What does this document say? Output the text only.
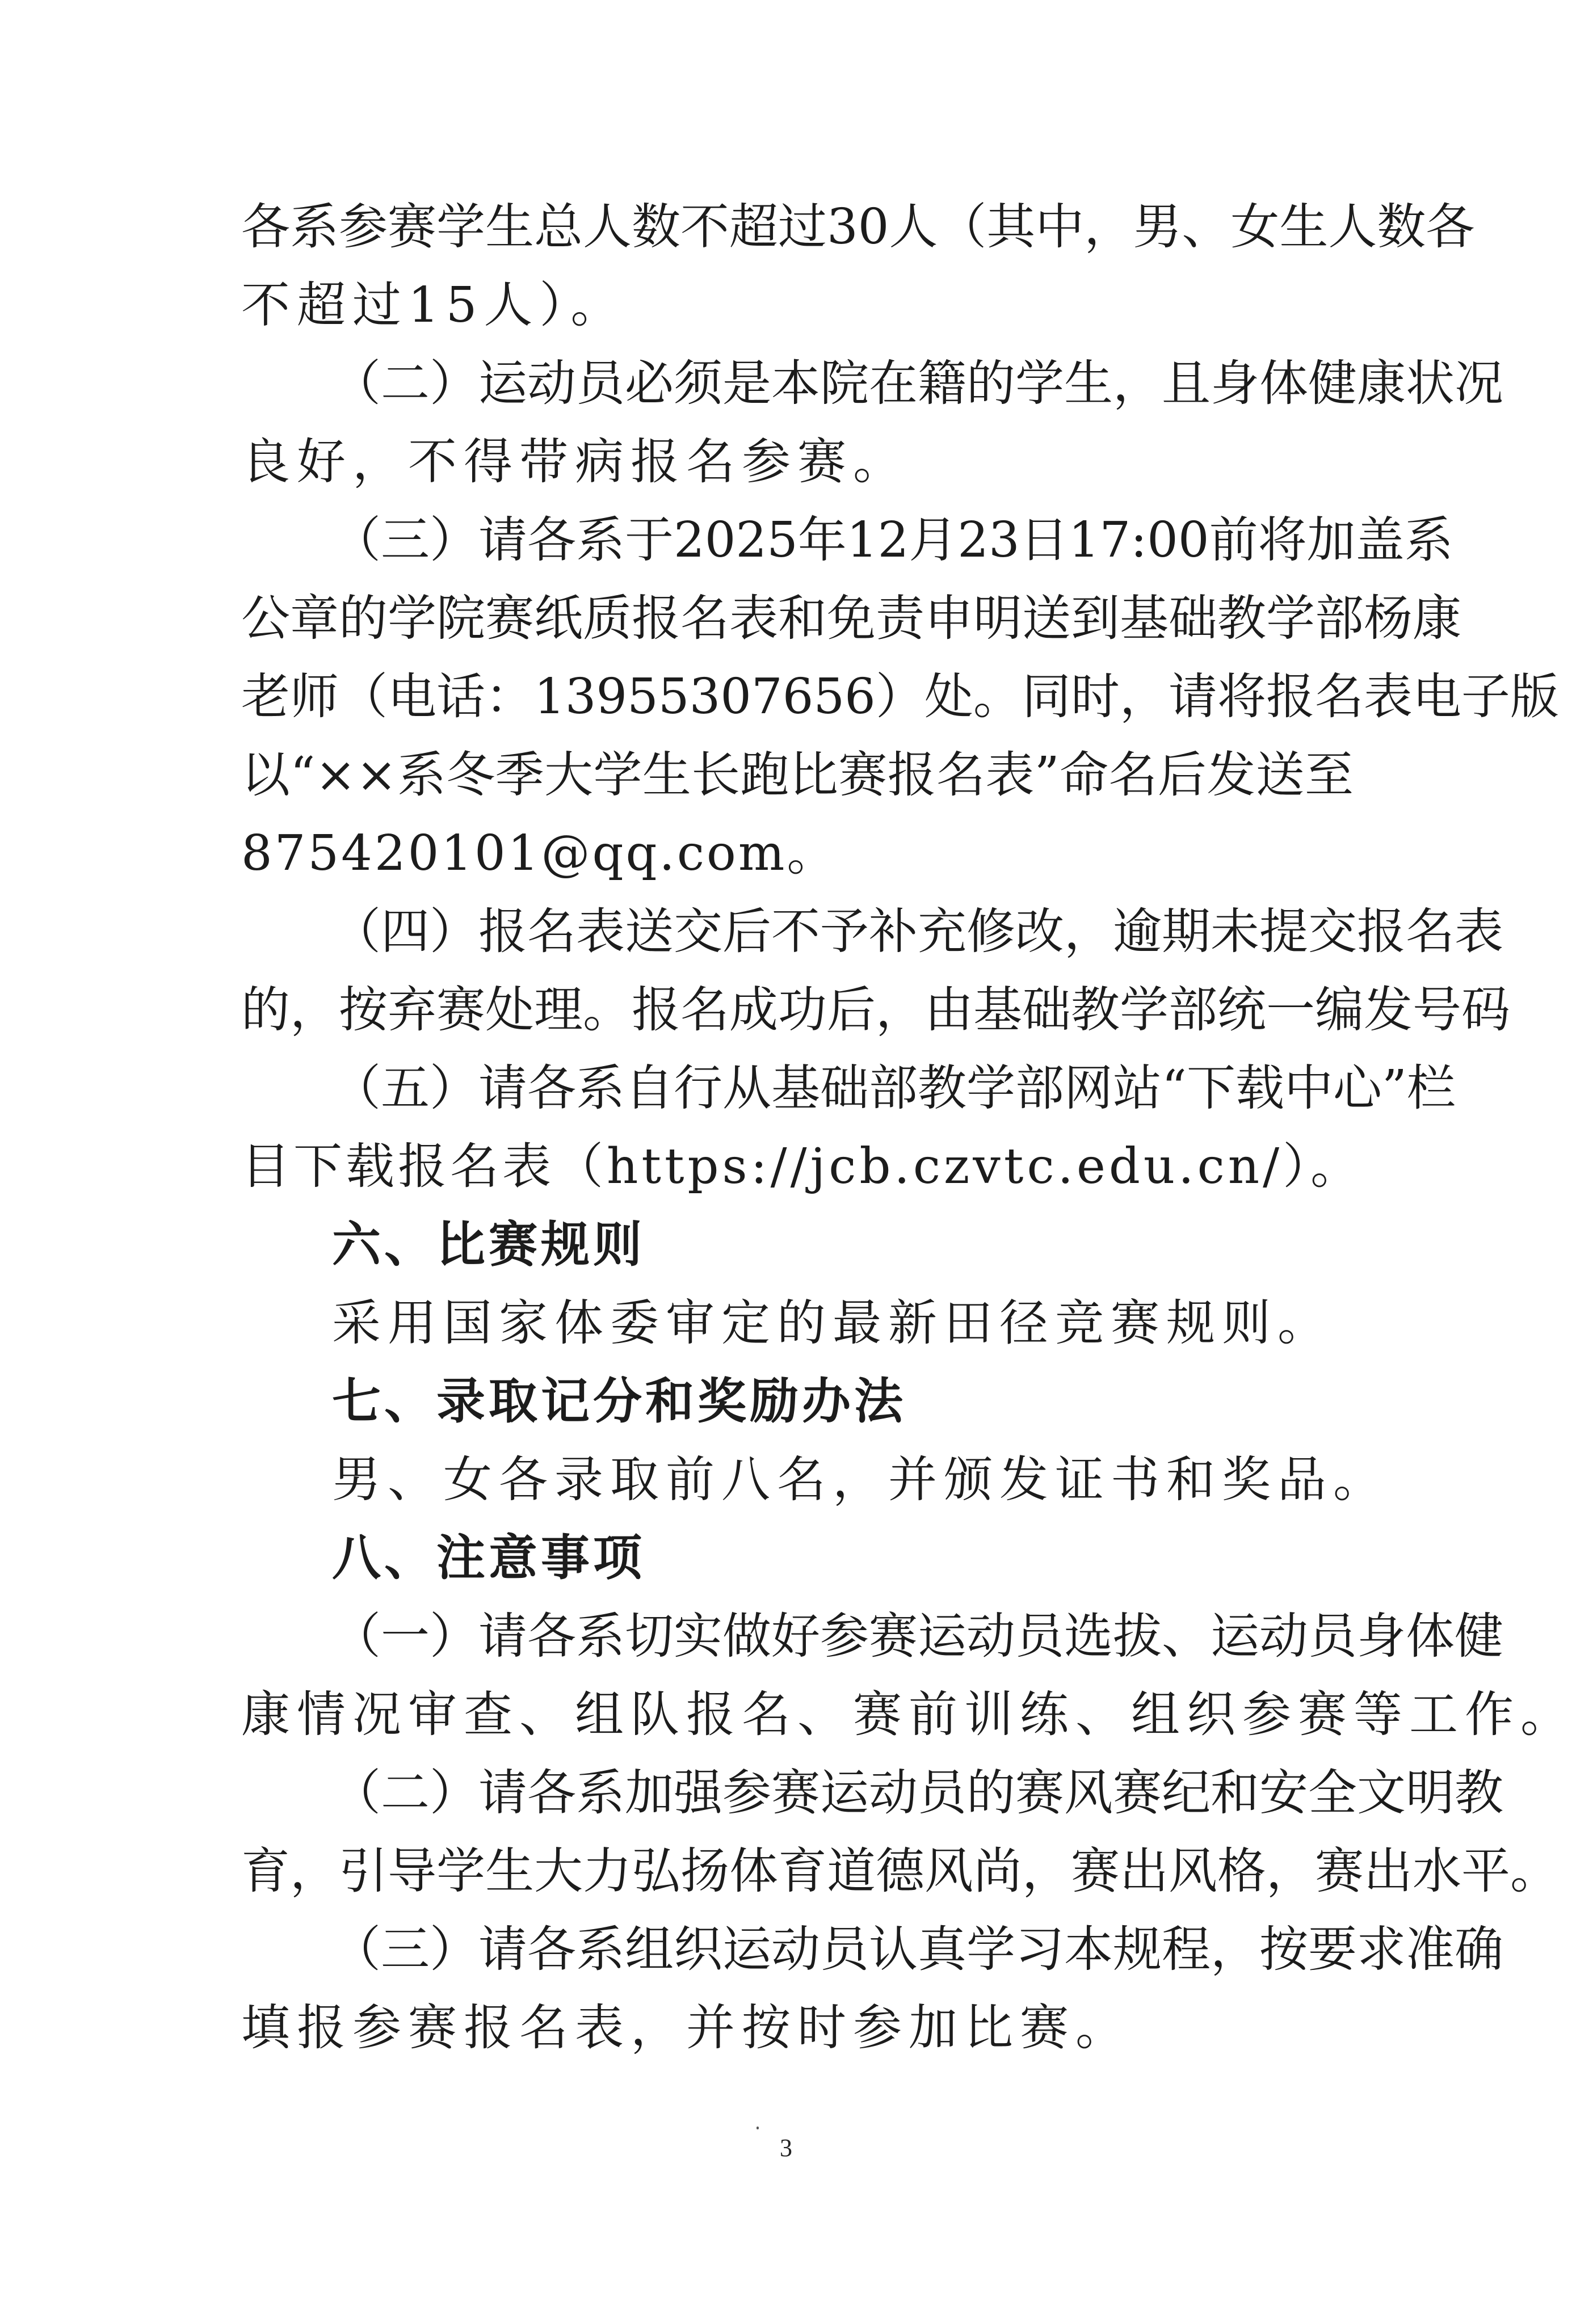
各系参赛学生总人数不超过30人（其中，男、女生人数各
不超过15人）。
（二）运动员必须是本院在籍的学生，且身体健康状况
良好，不得带病报名参赛。
（三）请各系于2025年12月23日17:00前将加盖系
公章的学院赛纸质报名表和免责申明送到基础教学部杨康
老师（电话：13955307656）处。同时，请将报名表电子版
以“××系冬季大学生长跑比赛报名表”命名后发送至
875420101@qq.com。
（四）报名表送交后不予补充修改，逾期未提交报名表
的，按弃赛处理。报名成功后，由基础教学部统一编发号码
（五）请各系自行从基础部教学部网站“下载中心”栏
目下载报名表（https://jcb.czvtc.edu.cn/）。
六、比赛规则
采用国家体委审定的最新田径竞赛规则。
七、录取记分和奖励办法
男、女各录取前八名，并颁发证书和奖品。
八、注意事项
（一）请各系切实做好参赛运动员选拔、运动员身体健
康情况审查、组队报名、赛前训练、组织参赛等工作。
（二）请各系加强参赛运动员的赛风赛纪和安全文明教
育，引导学生大力弘扬体育道德风尚，赛出风格，赛出水平。
（三）请各系组织运动员认真学习本规程，按要求准确
填报参赛报名表，并按时参加比赛。
3
